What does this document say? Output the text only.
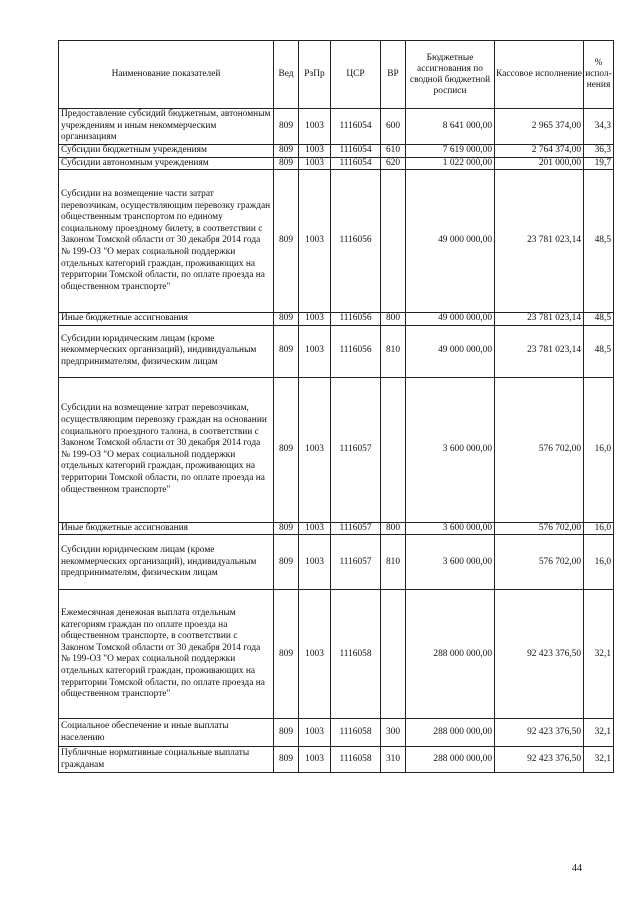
Наименование показателей	Вед	РзПр	ЦСР	ВР	Бюджетные ассигнования по сводной бюджетной росписи	Кассовое исполнение	% испол-нения
Предоставление субсидий бюджетным, автономным учреждениям и иным некоммерческим организациям	809	1003	1116054	600	8 641 000,00	2 965 374,00	34,3
Субсидии бюджетным учреждениям	809	1003	1116054	610	7 619 000,00	2 764 374,00	36,3
Субсидии автономным учреждениям	809	1003	1116054	620	1 022 000,00	201 000,00	19,7
Субсидии на возмещение части затрат перевозчикам, осуществляющим перевозку граждан общественным транспортом по единому социальному проездному билету, в соответствии с Законом Томской области от 30 декабря 2014 года № 199-ОЗ "О мерах социальной поддержки отдельных категорий граждан, проживающих на территории Томской области, по оплате проезда на общественном транспорте"	809	1003	1116056		49 000 000,00	23 781 023,14	48,5
Иные бюджетные ассигнования	809	1003	1116056	800	49 000 000,00	23 781 023,14	48,5
Субсидии юридическим лицам (кроме некоммерческих организаций), индивидуальным предпринимателям, физическим лицам	809	1003	1116056	810	49 000 000,00	23 781 023,14	48,5
Субсидии на возмещение затрат перевозчикам, осуществляющим перевозку граждан на основании социального проездного талона, в соответствии с Законом Томской области от 30 декабря 2014 года № 199-ОЗ "О мерах социальной поддержки отдельных категорий граждан, проживающих на территории Томской области, по оплате проезда на общественном транспорте"	809	1003	1116057		3 600 000,00	576 702,00	16,0
Иные бюджетные ассигнования	809	1003	1116057	800	3 600 000,00	576 702,00	16,0
Субсидии юридическим лицам (кроме некоммерческих организаций), индивидуальным предпринимателям, физическим лицам	809	1003	1116057	810	3 600 000,00	576 702,00	16,0
Ежемесячная денежная выплата отдельным категориям граждан по оплате проезда на общественном транспорте, в соответствии с Законом Томской области от 30 декабря 2014 года № 199-ОЗ "О мерах социальной поддержки отдельных категорий граждан, проживающих на территории Томской области, по оплате проезда на общественном транспорте"	809	1003	1116058		288 000 000,00	92 423 376,50	32,1
Социальное обеспечение и иные выплаты населению	809	1003	1116058	300	288 000 000,00	92 423 376,50	32,1
Публичные нормативные социальные выплаты гражданам	809	1003	1116058	310	288 000 000,00	92 423 376,50	32,1
44
